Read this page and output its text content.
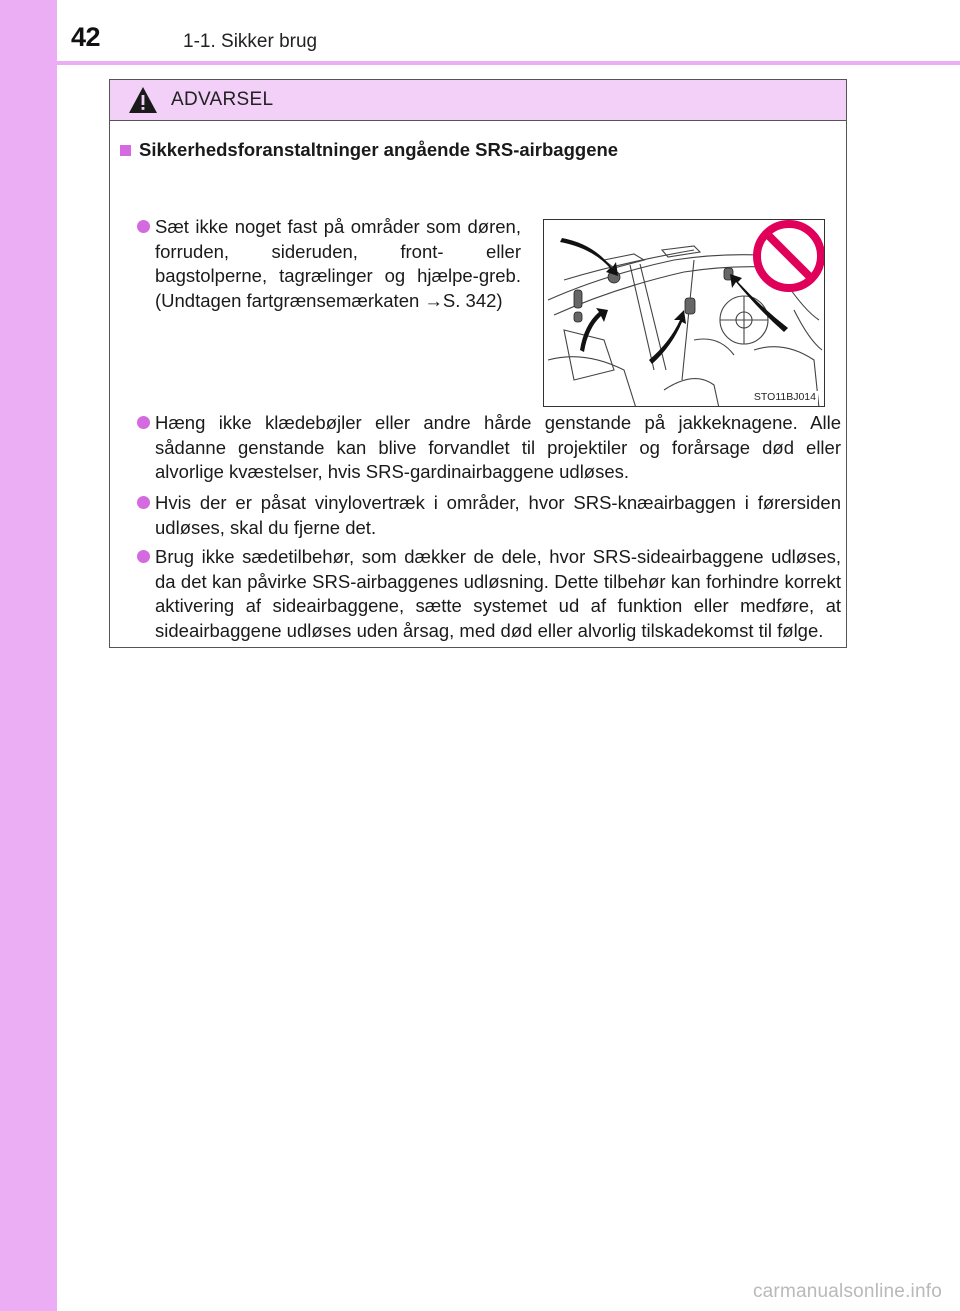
42	1-1. Sikker brug
ADVARSEL
Sikkerhedsforanstaltninger angående SRS-airbaggene
Sæt ikke noget fast på områder som døren, forruden, sideruden, front- eller bagstolperne, tagrælinger og hjælpe-greb. (Undtagen fartgrænsemærkaten →S. 342)
STO11BJ014
Hæng ikke klædebøjler eller andre hårde genstande på jakkeknagene. Alle sådanne genstande kan blive forvandlet til projektiler og forårsage død eller alvorlige kvæstelser, hvis SRS-gardinairbaggene udløses.
Hvis der er påsat vinylovertræk i områder, hvor SRS-knæairbaggen i førersiden udløses, skal du fjerne det.
Brug ikke sædetilbehør, som dækker de dele, hvor SRS-sideairbaggene udløses, da det kan påvirke SRS-airbaggenes udløsning. Dette tilbehør kan forhindre korrekt aktivering af sideairbaggene, sætte systemet ud af funktion eller medføre, at sideairbaggene udløses uden årsag, med død eller alvorlig tilskadekomst til følge.
carmanualsonline.info
